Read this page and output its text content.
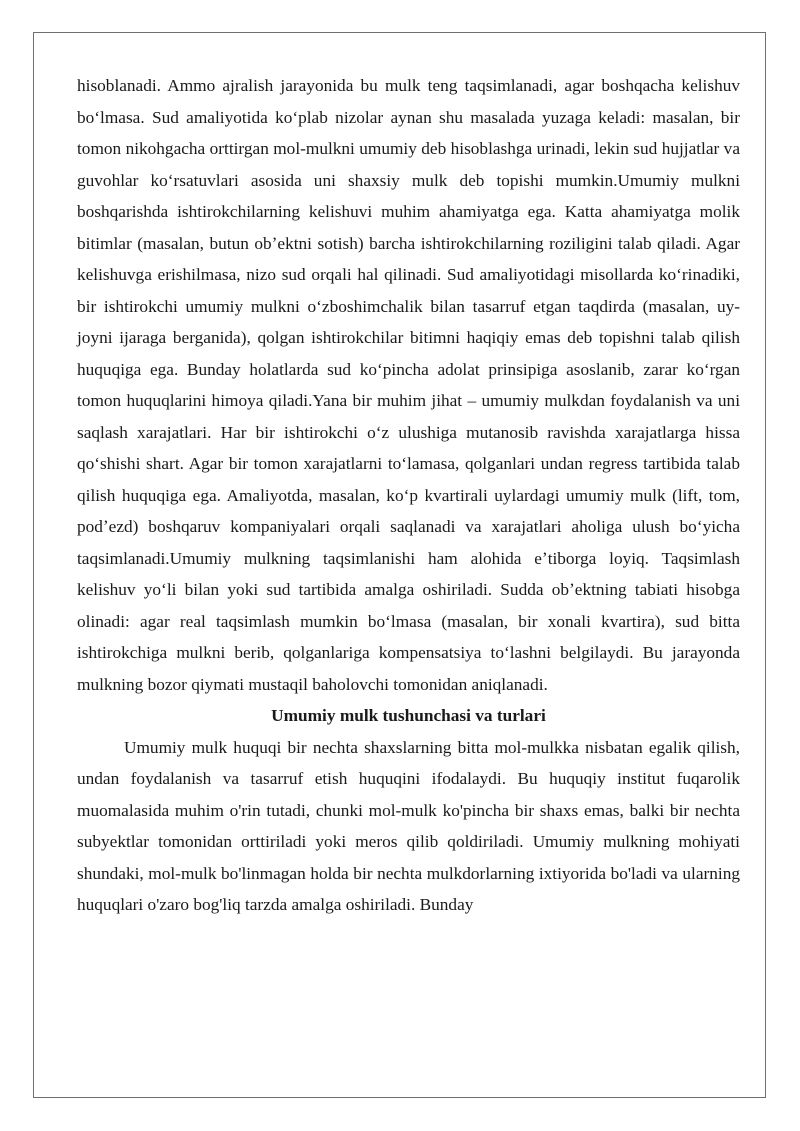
hisoblanadi. Ammo ajralish jarayonida bu mulk teng taqsimlanadi, agar boshqacha kelishuv boʻlmasa. Sud amaliyotida koʻplab nizolar aynan shu masalada yuzaga keladi: masalan, bir tomon nikohgacha orttirgan mol-mulkni umumiy deb hisoblashga urinadi, lekin sud hujjatlar va guvohlar koʻrsatuvlari asosida uni shaxsiy mulk deb topishi mumkin.Umumiy mulkni boshqarishda ishtirokchilarning kelishuvi muhim ahamiyatga ega. Katta ahamiyatga molik bitimlar (masalan, butun obʼektni sotish) barcha ishtirokchilarning roziligini talab qiladi. Agar kelishuvga erishilmasa, nizo sud orqali hal qilinadi. Sud amaliyotidagi misollarda koʻrinadiki, bir ishtirokchi umumiy mulkni oʻzboshimchalik bilan tasarruf etgan taqdirda (masalan, uy-joyni ijaraga berganida), qolgan ishtirokchilar bitimni haqiqiy emas deb topishni talab qilish huquqiga ega. Bunday holatlarda sud koʻpincha adolat prinsipiga asoslanib, zarar koʻrgan tomon huquqlarini himoya qiladi.Yana bir muhim jihat – umumiy mulkdan foydalanish va uni saqlash xarajatlari. Har bir ishtirokchi oʻz ulushiga mutanosib ravishda xarajatlarga hissa qoʻshishi shart. Agar bir tomon xarajatlarni toʻlamasa, qolganlari undan regress tartibida talab qilish huquqiga ega. Amaliyotda, masalan, koʻp kvartirali uylardagi umumiy mulk (lift, tom, podʼezd) boshqaruv kompaniyalari orqali saqlanadi va xarajatlari aholiga ulush boʻyicha taqsimlanadi.Umumiy mulkning taqsimlanishi ham alohida eʼtiborga loyiq. Taqsimlash kelishuv yoʻli bilan yoki sud tartibida amalga oshiriladi. Sudda obʼektning tabiati hisobga olinadi: agar real taqsimlash mumkin boʻlmasa (masalan, bir xonali kvartira), sud bitta ishtirokchiga mulkni berib, qolganlariga kompensatsiya toʻlashni belgilaydi. Bu jarayonda mulkning bozor qiymati mustaqil baholovchi tomonidan aniqlanadi.

Umumiy mulk tushunchasi va turlari

Umumiy mulk huquqi bir nechta shaxslarning bitta mol-mulkka nisbatan egalik qilish, undan foydalanish va tasarruf etish huquqini ifodalaydi. Bu huquqiy institut fuqarolik muomalasida muhim o'rin tutadi, chunki mol-mulk ko'pincha bir shaxs emas, balki bir nechta subyektlar tomonidan orttiriladi yoki meros qilib qoldiriladi. Umumiy mulkning mohiyati shundaki, mol-mulk bo'linmagan holda bir nechta mulkdorlarning ixtiyorida bo'ladi va ularning huquqlari o'zaro bog'liq tarzda amalga oshiriladi. Bunday
